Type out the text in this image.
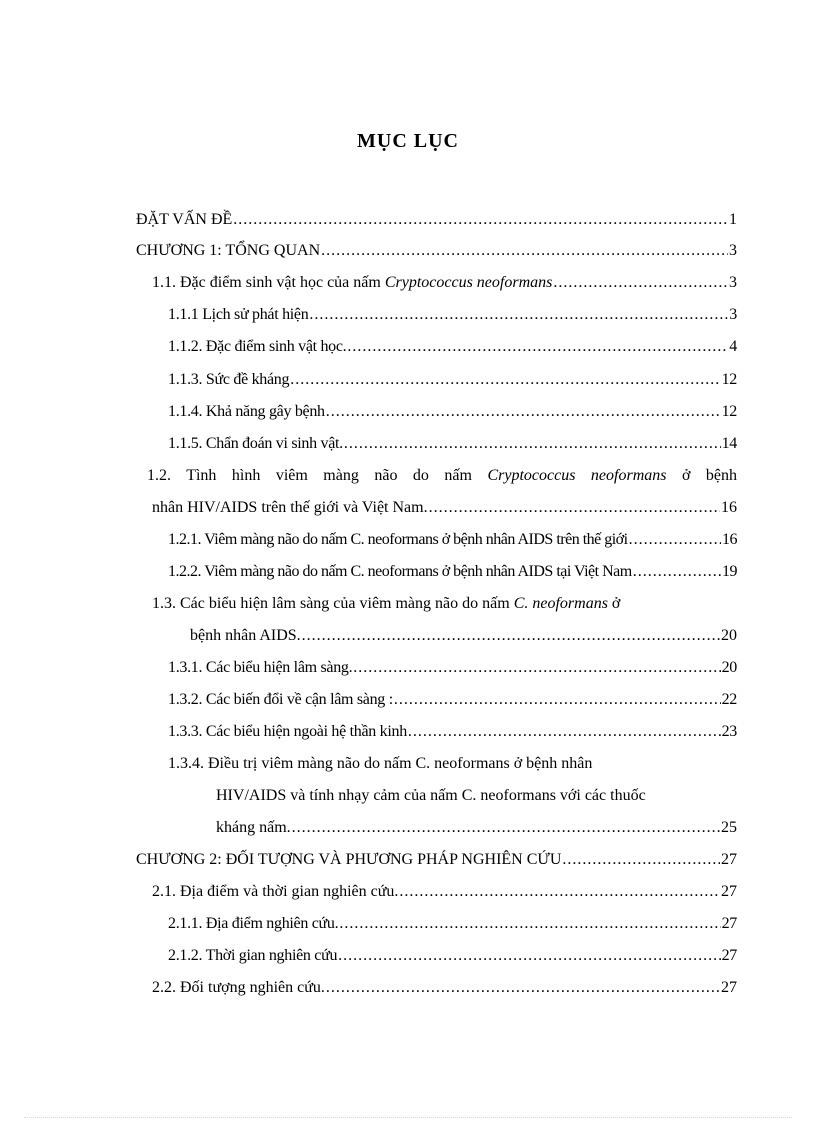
MỤC LỤC
ĐẶT VẤN ĐỀ .....	1
CHƯƠNG 1: TỔNG QUAN .....	3
1.1. Đặc điểm sinh vật học của nấm Cryptococcus neoformans .....	3
1.1.1 Lịch sử phát hiện .....	3
1.1.2. Đặc điểm sinh vật học. .....	4
1.1.3. Sức đề kháng .....	12
1.1.4. Khả năng gây bệnh .....	12
1.1.5. Chẩn đoán vi sinh vật. .....	14
1.2. Tình hình viêm màng não do nấm Cryptococcus neoformans ở bệnh
nhân HIV/AIDS trên thế giới và Việt Nam. .....	16
1.2.1. Viêm màng não do nấm C. neoformans ở bệnh nhân AIDS trên thế giới .....	16
1.2.2. Viêm màng não do nấm C. neoformans ở bệnh nhân AIDS tại Việt Nam .....	19
1.3. Các biểu hiện lâm sàng của viêm màng não do nấm C. neoformans ở
bệnh nhân AIDS. .....	20
1.3.1. Các biểu hiện lâm sàng. .....	20
1.3.2. Các biến đổi về cận lâm sàng : .....	22
1.3.3. Các biểu hiện ngoài hệ thần kinh .....	23
1.3.4. Điều trị viêm màng não do nấm C. neoformans ở bệnh nhân
HIV/AIDS và tính nhạy cảm của nấm C. neoformans với các thuốc
kháng nấm. .....	25
CHƯƠNG 2: ĐỐI TƯỢNG VÀ PHƯƠNG PHÁP NGHIÊN CỨU .....	27
2.1. Địa điểm và thời gian nghiên cứu. .....	27
2.1.1. Địa điểm nghiên cứu. .....	27
2.1.2. Thời gian nghiên cứu .....	27
2.2. Đối tượng nghiên cứu. .....	27
